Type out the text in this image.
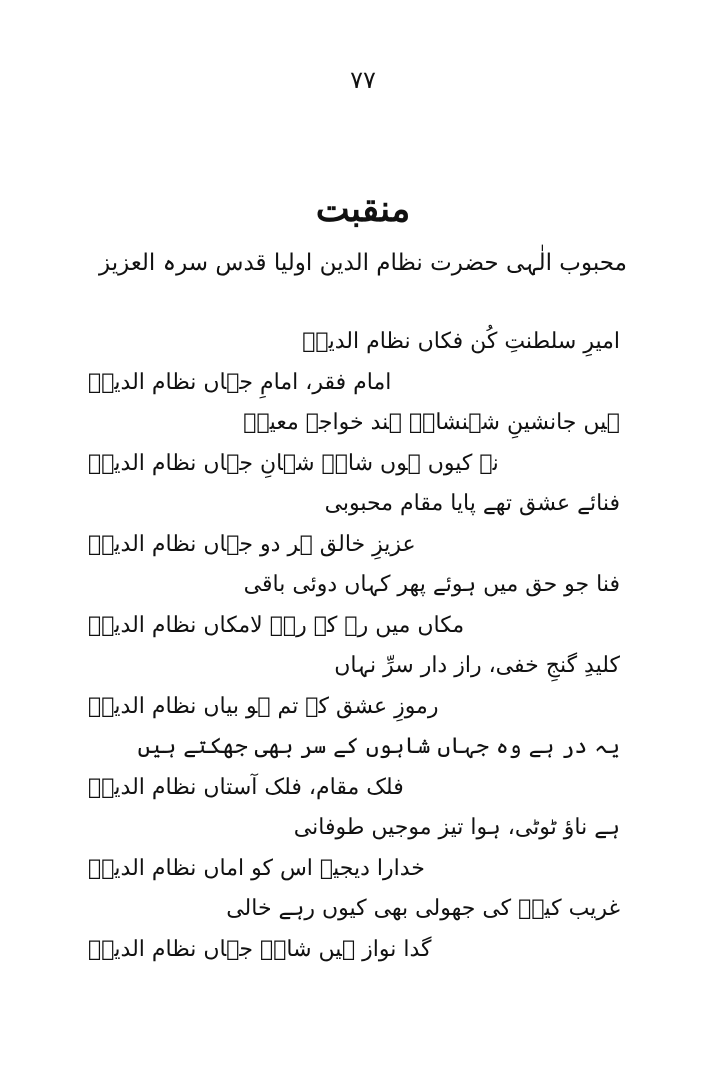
۷۷
منقبت
محبوب الٰہی حضرت نظام الدین اولیا قدس سرہ العزیز
امیرِ سلطنتِ کُن فکاں نظام الدینؒ
امام فقر، امامِ جہاں نظام الدینؒ
ہیں جانشینِ شہنشاہِ ہند خواجہ معینؒ
نہ کیوں ہوں شاہِ شہانِ جہاں نظام الدینؒ
فنائے عشق تھے پایا مقام محبوبی
عزیزِ خالق ہر دو جہاں نظام الدینؒ
فنا جو حق میں ہوئے پھر کہاں دوئی باقی
مکاں میں رہ کے رہے لامکاں نظام الدینؒ
کلیدِ گنجِ خفی، راز دار سرِّ نہاں
رموزِ عشق کے تم ہو بیاں نظام الدینؒ
یہ در ہے وہ جہاں شاہوں کے سر بھی جھکتے ہیں
فلک مقام، فلک آستاں نظام الدینؒ
ہے ناؤ ٹوٹی، ہوا تیز موجیں طوفانی
خدارا دیجیے اس کو اماں نظام الدینؒ
غریب کیفؔ کی جھولی بھی کیوں رہے خالی
گدا نواز ہیں شاہِ جہاں نظام الدینؒ
